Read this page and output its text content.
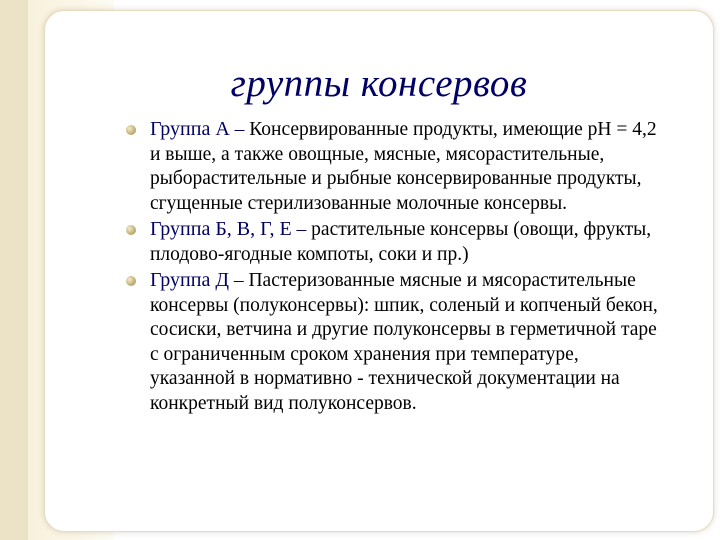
группы консервов
Группа А – Консервированные продукты, имеющие рН = 4,2 и выше, а также овощные, мясные, мясорастительные, рыборастительные и рыбные консервированные продукты, сгущенные стерилизованные молочные консервы.
Группа Б, В, Г, Е – растительные консервы (овощи, фрукты, плодово-ягодные компоты, соки и пр.)
Группа Д – Пастеризованные мясные и мясорастительные консервы (полуконсервы): шпик, соленый и копченый бекон, сосиски, ветчина и другие полуконсервы в герметичной таре с ограниченным сроком хранения при температуре, указанной в нормативно - технической документации на конкретный вид полуконсервов.
